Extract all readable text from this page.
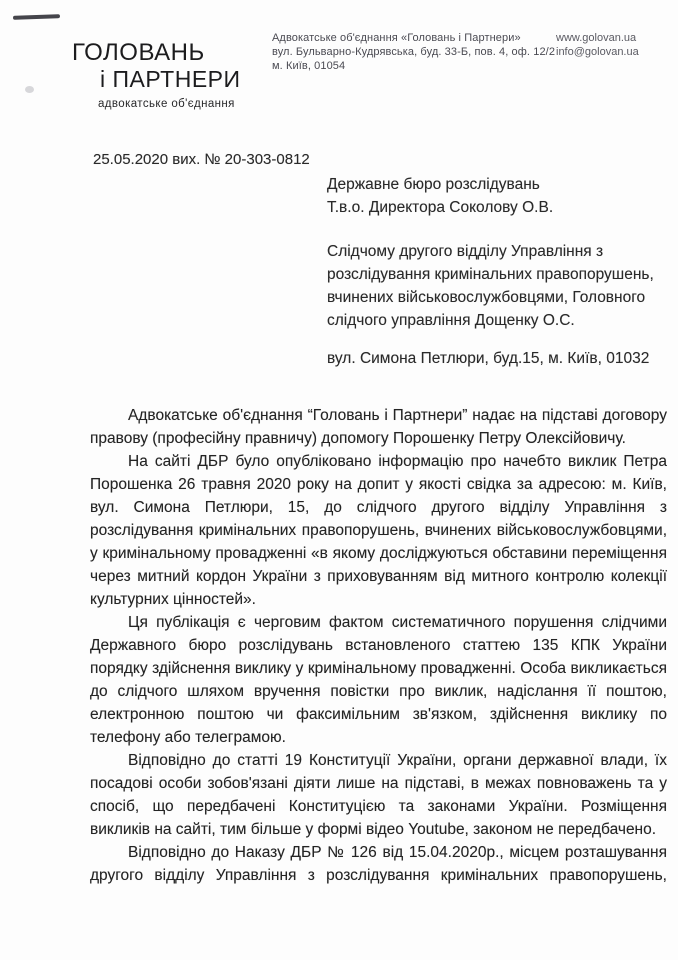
ГОЛОВАНЬ
і ПАРТНЕРИ
адвокатське об'єднання
Адвокатське об'єднання «Головань і Партнери»
вул. Бульварно-Кудрявська, буд. 33-Б, пов. 4, оф. 12/2
м. Київ, 01054
www.golovan.ua
info@golovan.ua
25.05.2020 вих. № 20-303-0812
Державне бюро розслідувань
Т.в.о. Директора Соколову О.В.
Слідчому другого відділу Управління з
розслідування кримінальних правопорушень,
вчинених військовослужбовцями, Головного
слідчого управління Дощенку О.С.
вул. Симона Петлюри, буд.15, м. Київ, 01032

Адвокатське об'єднання “Головань і Партнери” надає на підставі договору правову (професійну правничу) допомогу Порошенку Петру Олексійовичу.

На сайті ДБР було опубліковано інформацію про начебто виклик Петра Порошенка 26 травня 2020 року на допит у якості свідка за адресою: м. Київ, вул. Симона Петлюри, 15, до слідчого другого відділу Управління з розслідування кримінальних правопорушень, вчинених військовослужбовцями, у кримінальному провадженні «в якому досліджуються обставини переміщення через митний кордон України з приховуванням від митного контролю колекції культурних цінностей».

Ця публікація є черговим фактом систематичного порушення слідчими Державного бюро розслідувань встановленого статтею 135 КПК України порядку здійснення виклику у кримінальному провадженні. Особа викликається до слідчого шляхом вручення повістки про виклик, надіслання її поштою, електронною поштою чи факсимільним зв'язком, здійснення виклику по телефону або телеграмою.

Відповідно до статті 19 Конституції України, органи державної влади, їх посадові особи зобов'язані діяти лише на підставі, в межах повноважень та у спосіб, що передбачені Конституцією та законами України. Розміщення викликів на сайті, тим більше у формі відео Youtube, законом не передбачено.

Відповідно до Наказу ДБР № 126 від 15.04.2020р., місцем розташування другого відділу Управління з розслідування кримінальних правопорушень,
